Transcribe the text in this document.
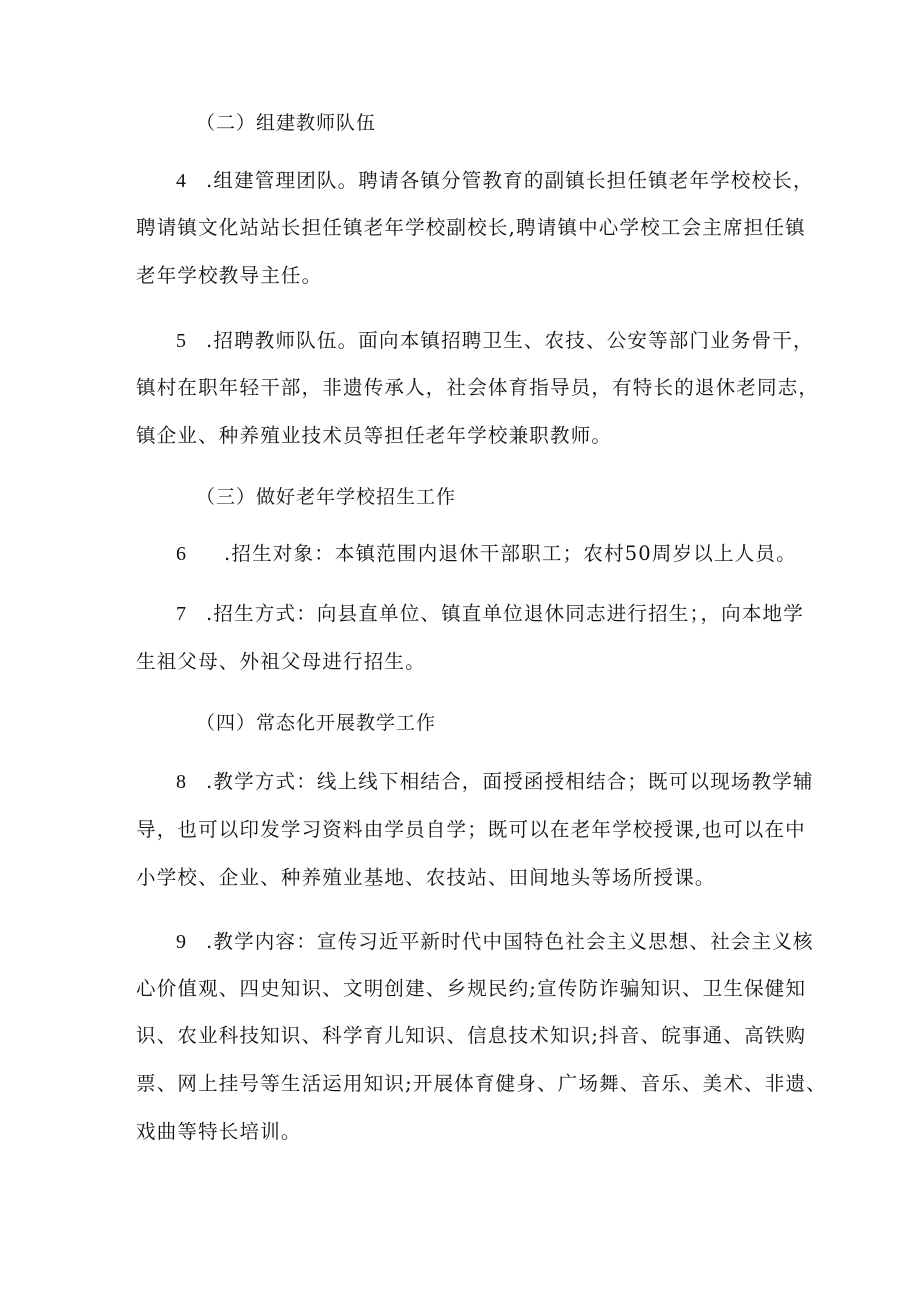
（二）组建教师队伍
4 .组建管理团队。聘请各镇分管教育的副镇长担任镇老年学校校长，
聘请镇文化站站长担任镇老年学校副校长,聘请镇中心学校工会主席担任镇
老年学校教导主任。
5 .招聘教师队伍。面向本镇招聘卫生、农技、公安等部门业务骨干，
镇村在职年轻干部，非遗传承人，社会体育指导员，有特长的退休老同志，
镇企业、种养殖业技术员等担任老年学校兼职教师。
（三）做好老年学校招生工作
6 .招生对象：本镇范围内退休干部职工；农村50周岁以上人员。
7 .招生方式：向县直单位、镇直单位退休同志进行招生；，向本地学
生祖父母、外祖父母进行招生。
（四）常态化开展教学工作
8 .教学方式：线上线下相结合，面授函授相结合；既可以现场教学辅
导，也可以印发学习资料由学员自学；既可以在老年学校授课,也可以在中
小学校、企业、种养殖业基地、农技站、田间地头等场所授课。
9 .教学内容：宣传习近平新时代中国特色社会主义思想、社会主义核
心价值观、四史知识、文明创建、乡规民约;宣传防诈骗知识、卫生保健知
识、农业科技知识、科学育儿知识、信息技术知识;抖音、皖事通、高铁购
票、网上挂号等生活运用知识;开展体育健身、广场舞、音乐、美术、非遗、
戏曲等特长培训。
